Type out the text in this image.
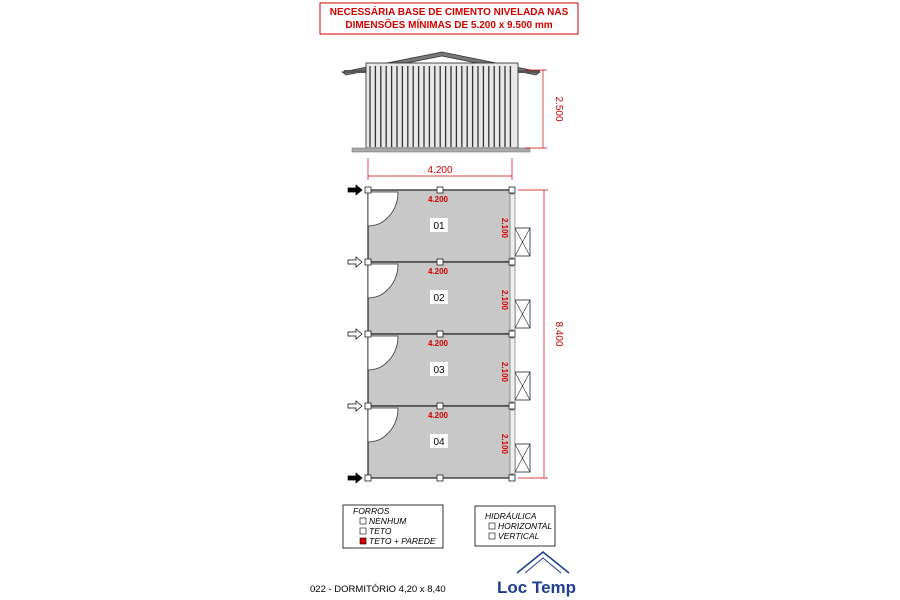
NECESSÁRIA BASE DE CIMENTO NIVELADA NAS
DIMENSÕES MÍNIMAS DE 5.200 x 9.500 mm
2.500
4.200
8.400
4.200
2.100
01
4.200
2.100
02
4.200
2.100
03
4.200
2.100
04
FORROS
NENHUM
TETO
TETO + PAREDE
HIDRÁULICA
HORIZONTAL
VERTICAL
022 - DORMITÓRIO 4,20 x 8,40	Loc Temp
